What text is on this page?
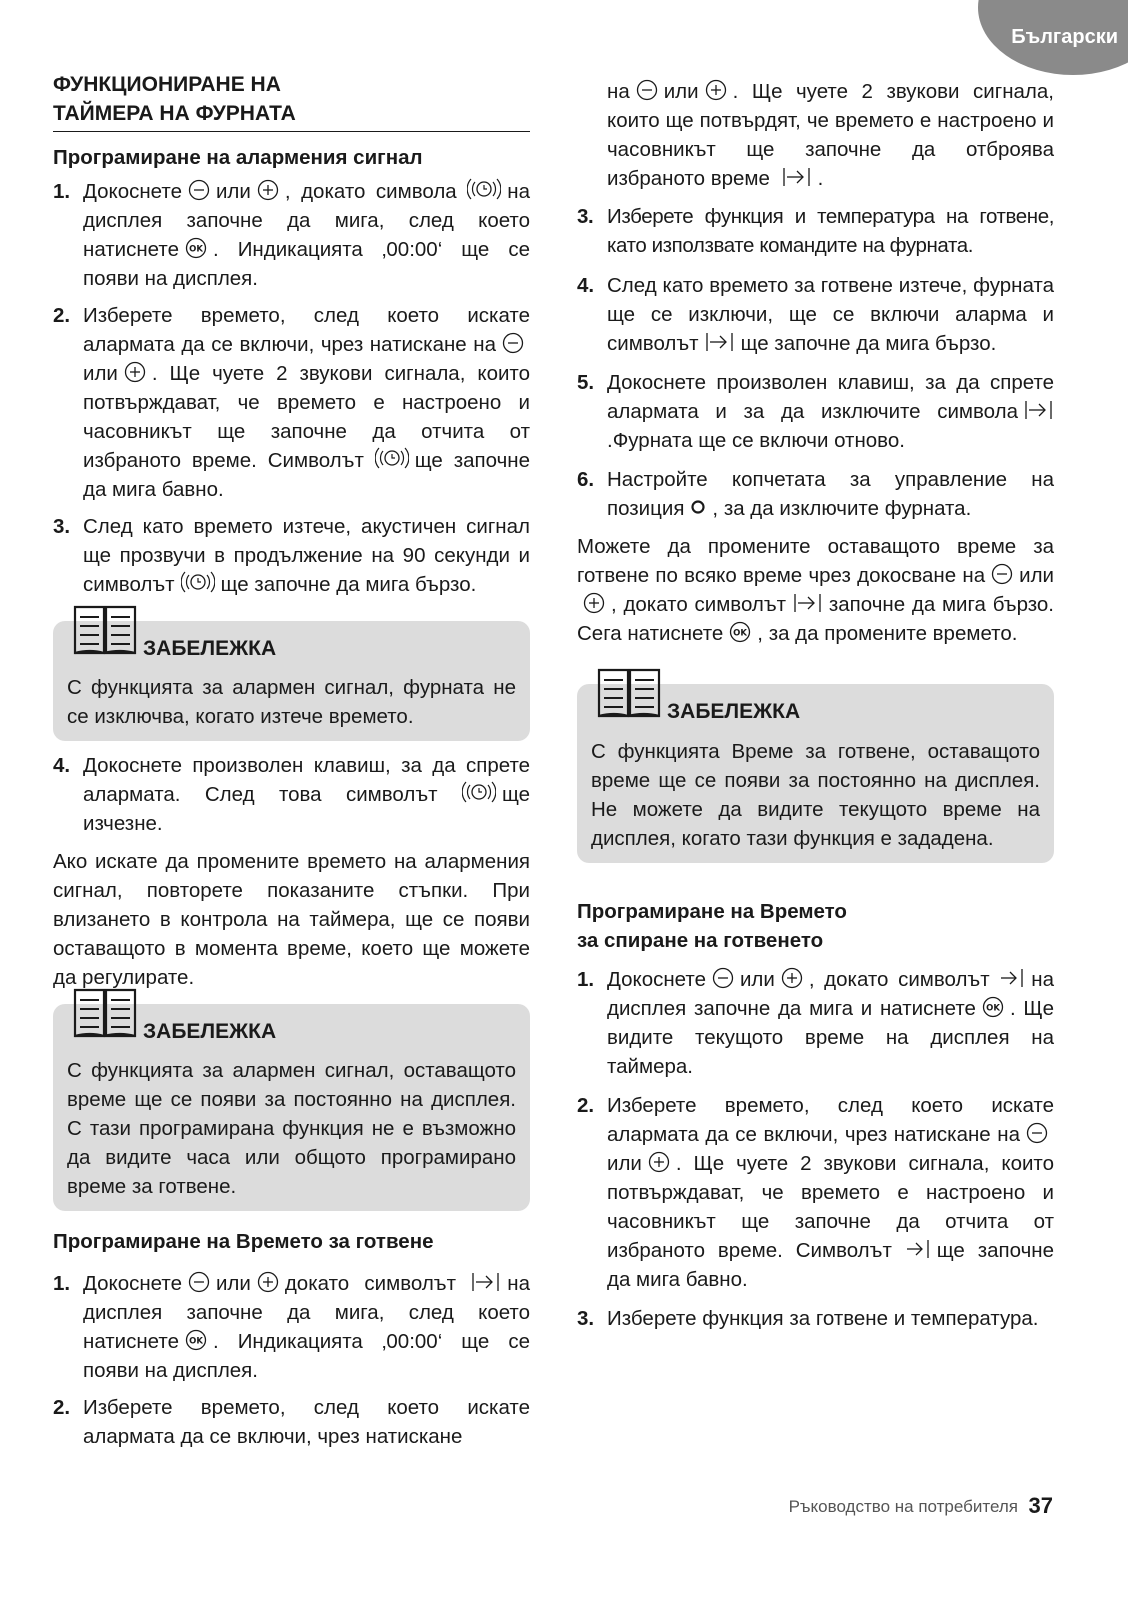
Български
ФУНКЦИОНИРАНЕ НА
ТАЙМЕРА НА ФУРНАТА
Програмиране на алармения сигнал
1. Докоснете или , докато символа на дисплея започне да мига, след което натиснете . Индикацията ‚00:00‘ ще се появи на дисплея.
2. Изберете времето, след което искате алармата да се включи, чрез натискане наили . Ще чуете 2 звукови сигнала, които потвърждават, че времето е настроено и часовникът ще започне да отчита от избраното време. Символът ще започне да мига бавно.
3. След като времето изтече, акустичен сигнал ще прозвучи в продължение на 90 секунди и символът ще започне да мига бързо.
ЗАБЕЛЕЖКА
С функцията за алармен сигнал, фурната не се изключва, когато изтече времето.
4. Докоснете произволен клавиш, за да спрете алармата. След това символът	ще изчезне.
Ако искате да промените времето на алармения сигнал, повторете показаните стъпки. При влизането в контрола на таймера, ще се появи оставащото в момента време, което ще можете да регулирате.
ЗАБЕЛЕЖКА
С функцията за алармен сигнал, оставащото време ще се появи за постоянно на дисплея. С тази програмирана функция не е възможно да видите часа или общото програмирано време за готвене.
Програмиране на Времето за готвене
1. Докоснете или докато символът	на дисплея започне да мига, след което натиснете . Индикацията ‚00:00‘ ще се появи на дисплея.
2. Изберете времето, след което искате алармата да се включи, чрез натискане
на или . Ще чуете 2 звукови сигнала, които ще потвърдят, че времето е настроено и часовникът ще започне да отброява избраното време .
3. Изберете функция и температура на готвене, като използвате командите на фурната.
4. След като времето за готвене изтече, фурната ще се изключи, ще се включи аларма и символът ще започне да мига бързо.
5. Докоснете произволен клавиш, за да спрете алармата и за да изключите символа.Фурната ще се включи отново.
6. Настройте копчетата за управление на позиция , за да изключите фурната.
Можете да промените оставащото време за готвене по всяко време чрез докосване на или, докато символът започне да мига бързо. Сега натиснете , за да промените времето.
ЗАБЕЛЕЖКА
С функцията Време за готвене, оставащото време ще се появи за постоянно на дисплея. Не можете да видите текущото време на дисплея, когато тази функция е зададена.
Програмиране на Времето
за спиране на готвенето
1. Докоснете или , докато символът на дисплея започне да мига и натиснете . Ще видите текущото време на дисплея на таймера.
2. Изберете времето, след което искате алармата да се включи, чрез натискане наили . Ще чуете 2 звукови сигнала, които потвърждават, че времето е настроено и часовникът ще започне да отчита от избраното време. Символът ще започне да мига бавно.
3. Изберете функция за готвене и температура.
Ръководство на потребителя 37
